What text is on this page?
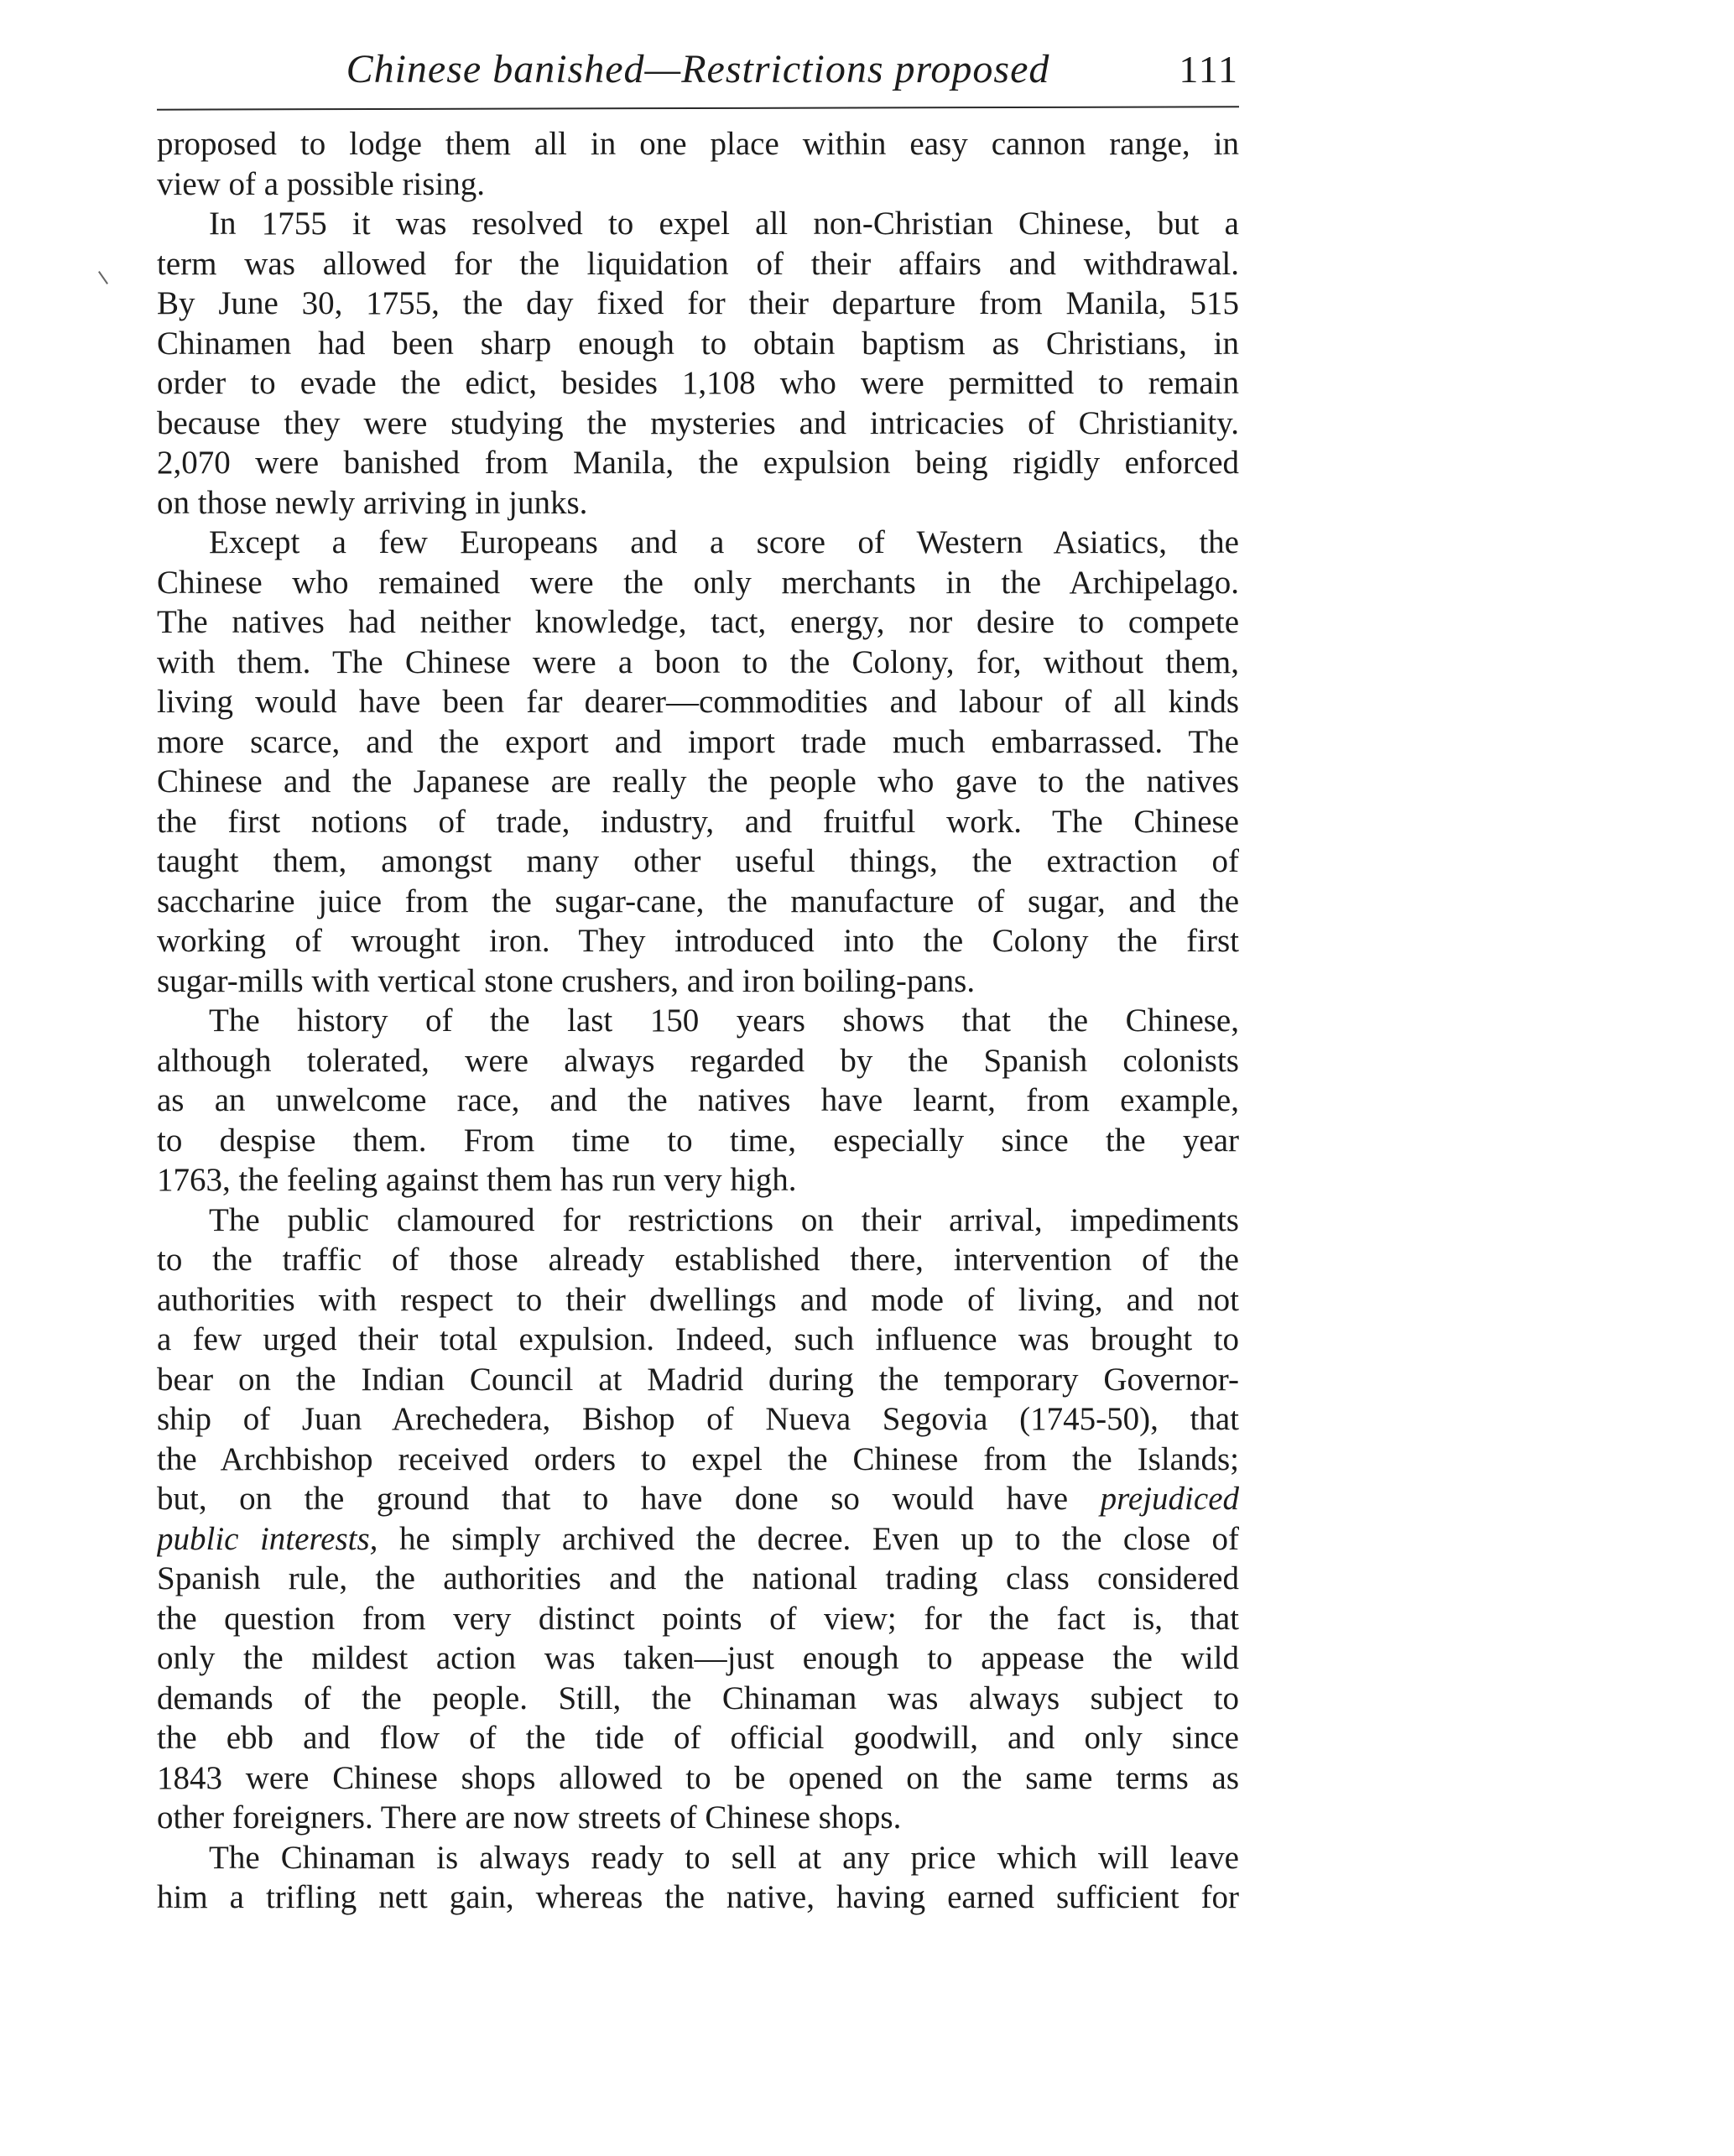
Chinese banished—Restrictions proposed	111
proposed to lodge them all in one place within easy cannon range, in
view of a possible rising.
In 1755 it was resolved to expel all non-Christian Chinese, but a
term was allowed for the liquidation of their affairs and withdrawal.
By June 30, 1755, the day fixed for their departure from Manila, 515
Chinamen had been sharp enough to obtain baptism as Christians, in
order to evade the edict, besides 1,108 who were permitted to remain
because they were studying the mysteries and intricacies of Christianity.
2,070 were banished from Manila, the expulsion being rigidly enforced
on those newly arriving in junks.
Except a few Europeans and a score of Western Asiatics, the
Chinese who remained were the only merchants in the Archipelago.
The natives had neither knowledge, tact, energy, nor desire to compete
with them. The Chinese were a boon to the Colony, for, without them,
living would have been far dearer—commodities and labour of all kinds
more scarce, and the export and import trade much embarrassed. The
Chinese and the Japanese are really the people who gave to the natives
the first notions of trade, industry, and fruitful work. The Chinese
taught them, amongst many other useful things, the extraction of
saccharine juice from the sugar-cane, the manufacture of sugar, and the
working of wrought iron. They introduced into the Colony the first
sugar-mills with vertical stone crushers, and iron boiling-pans.
The history of the last 150 years shows that the Chinese,
although tolerated, were always regarded by the Spanish colonists
as an unwelcome race, and the natives have learnt, from example,
to despise them. From time to time, especially since the year
1763, the feeling against them has run very high.
The public clamoured for restrictions on their arrival, impediments
to the traffic of those already established there, intervention of the
authorities with respect to their dwellings and mode of living, and not
a few urged their total expulsion. Indeed, such influence was brought to
bear on the Indian Council at Madrid during the temporary Governor-
ship of Juan Arechedera, Bishop of Nueva Segovia (1745-50), that
the Archbishop received orders to expel the Chinese from the Islands;
but, on the ground that to have done so would have prejudiced
public interests, he simply archived the decree. Even up to the close of
Spanish rule, the authorities and the national trading class considered
the question from very distinct points of view; for the fact is, that
only the mildest action was taken—just enough to appease the wild
demands of the people. Still, the Chinaman was always subject to
the ebb and flow of the tide of official goodwill, and only since
1843 were Chinese shops allowed to be opened on the same terms as
other foreigners. There are now streets of Chinese shops.
The Chinaman is always ready to sell at any price which will leave
him a trifling nett gain, whereas the native, having earned sufficient for
